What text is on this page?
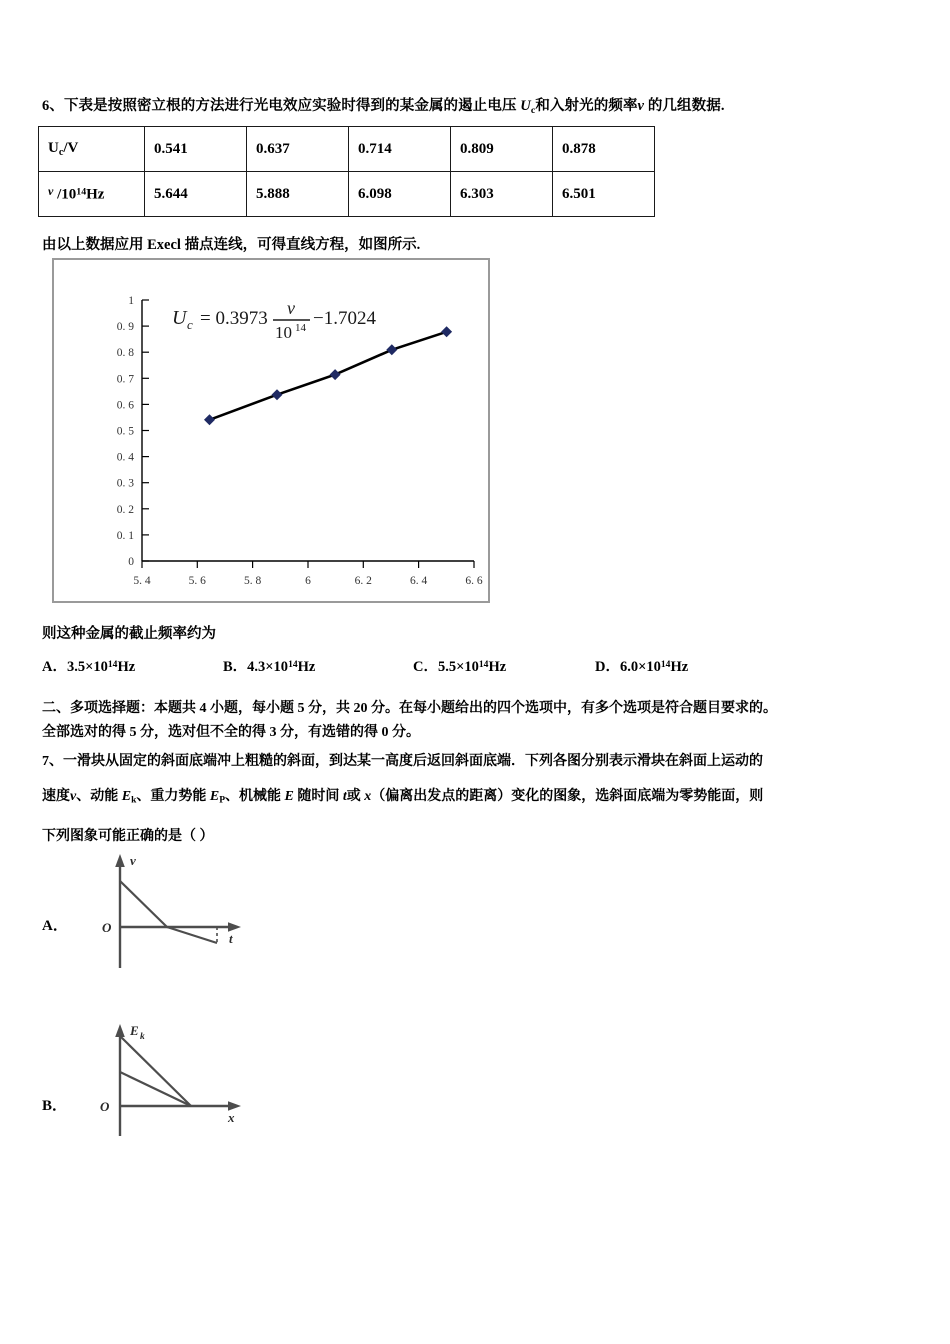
6、下表是按照密立根的方法进行光电效应实验时得到的某金属的遏止电压 $U_c$和入射光的频率ν 的几组数据.
$U_c/V$	0.541	0.637	0.714	0.809	0.878
$^\nu$ $/10^{14}Hz$	5.644	5.888	6.098	6.303	6.501
由以上数据应用 Execl 描点连线，可得直线方程，如图所示.
1
0. 9
0. 8
0. 7
0. 6
0. 5
0. 4
0. 3
0. 2
0. 1
0
5. 4	5. 6	5. 8	6	6. 2	6. 4	6. 6
U c = 0.3973 ν
10 14 −1.7024
则这种金属的截止频率约为
A．$3.5\times 10^{14}Hz$	B．$4.3\times 10^{14}Hz$	C．$5.5\times 10^{14}Hz$	D．$6.0\times 10^{14}Hz$
二、多项选择题：本题共 4 小题，每小题 5 分，共 20 分。在每小题给出的四个选项中，有多个选项是符合题目要求的。
全部选对的得 5 分，选对但不全的得 3 分，有选错的得 0 分。
7、一滑块从固定的斜面底端冲上粗糙的斜面，到达某一高度后返回斜面底端．下列各图分别表示滑块在斜面上运动的
速度v、动能 $E_k$、重力势能 $E_P$、机械能 E 随时间 t或 x（偏离出发点的距离）变化的图象，选斜面底端为零势能面，则
下列图象可能正确的是（ ）
A．
v
t
O
B．
E k
x
O
